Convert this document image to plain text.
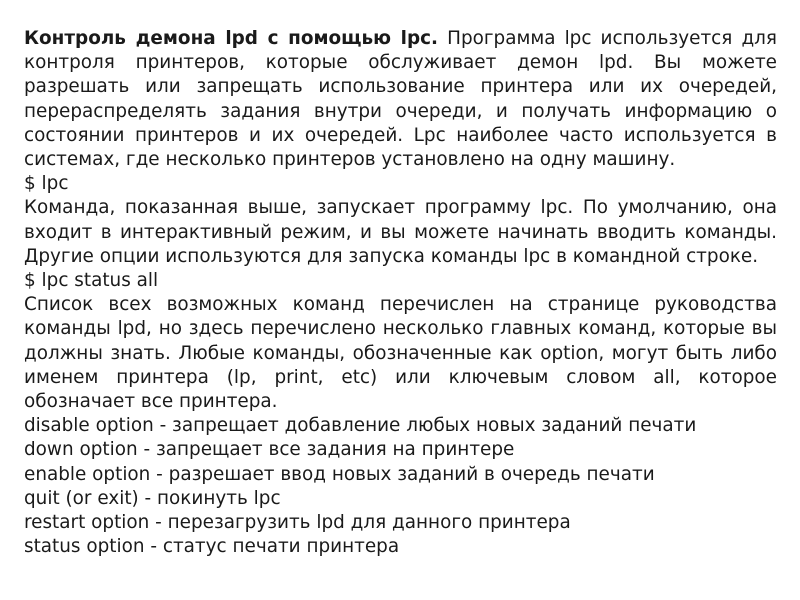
Контроль демона lpd с помощью lpc. Программа lpc используется для контроля принтеров, которые обслуживает демон lpd. Вы можете разрешать или запрещать использование принтера или их очередей, перераспределять задания внутри очереди, и получать информацию о состоянии принтеров и их очередей. Lpc наиболее часто используется в системах, где несколько принтеров установлено на одну машину.

$ lpc

Команда, показанная выше, запускает программу lpc. По умолчанию, она входит в интерактивный режим, и вы можете начинать вводить команды. Другие опции используются для запуска команды lpc в командной строке.

$ lpc status all

Список всех возможных команд перечислен на странице руководства команды lpd, но здесь перечислено несколько главных команд, которые вы должны знать. Любые команды, обозначенные как option, могут быть либо именем принтера (lp, print, etc) или ключевым словом all, которое обозначает все принтера.

disable option - запрещает добавление любых новых заданий печати

down option - запрещает все задания на принтере

enable option - разрешает ввод новых заданий в очередь печати

quit (or exit) - покинуть lpc

restart option - перезагрузить lpd для данного принтера

status option - статус печати принтера
